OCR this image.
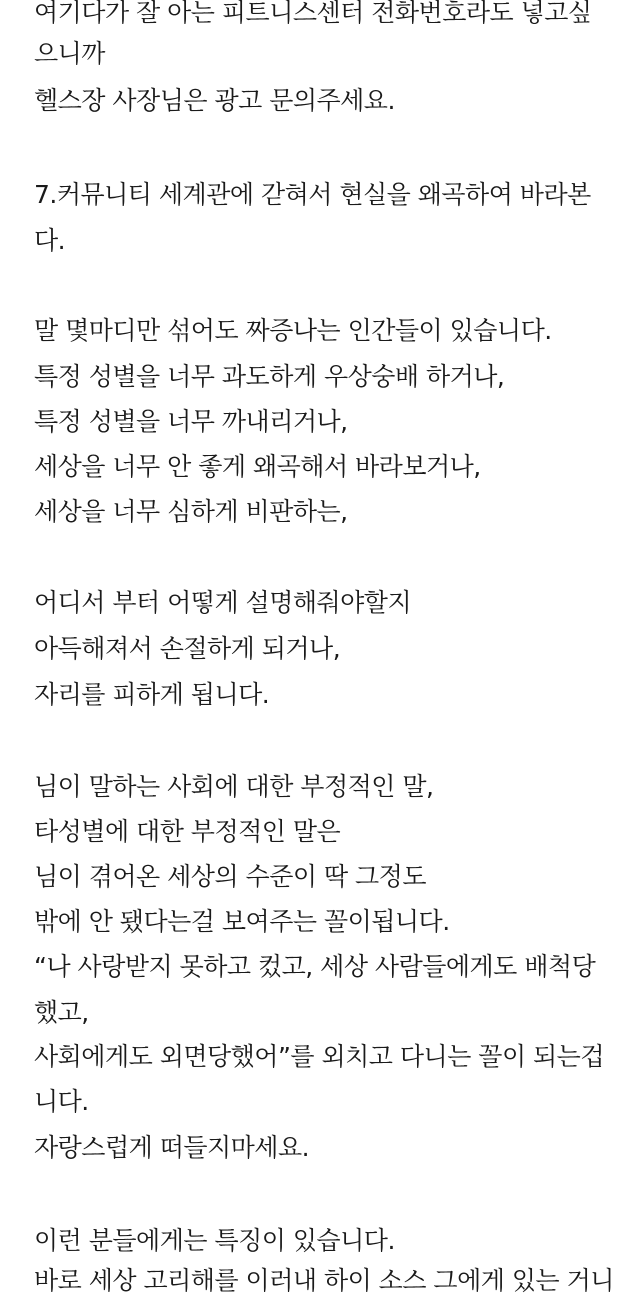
여기다가 잘 아는 피트니스센터 전화번호라도 넣고싶
으니까
헬스장 사장님은 광고 문의주세요.
7.커뮤니티 세계관에 갇혀서 현실을 왜곡하여 바라본
다.
말 몇마디만 섞어도 짜증나는 인간들이 있습니다.
특정 성별을 너무 과도하게 우상숭배 하거나,
특정 성별을 너무 까내리거나,
세상을 너무 안 좋게 왜곡해서 바라보거나,
세상을 너무 심하게 비판하는,
어디서 부터 어떻게 설명해줘야할지
아득해져서 손절하게 되거나,
자리를 피하게 됩니다.
님이 말하는 사회에 대한 부정적인 말,
타성별에 대한 부정적인 말은
님이 겪어온 세상의 수준이 딱 그정도
밖에 안 됐다는걸 보여주는 꼴이됩니다.
“나 사랑받지 못하고 컸고, 세상 사람들에게도 배척당
했고,
사회에게도 외면당했어”를 외치고 다니는 꼴이 되는겁
니다.
자랑스럽게 떠들지마세요.
이런 분들에게는 특징이 있습니다.
바로 세상 고리해를 이러내 하이 소스 그에게 있는 거니
